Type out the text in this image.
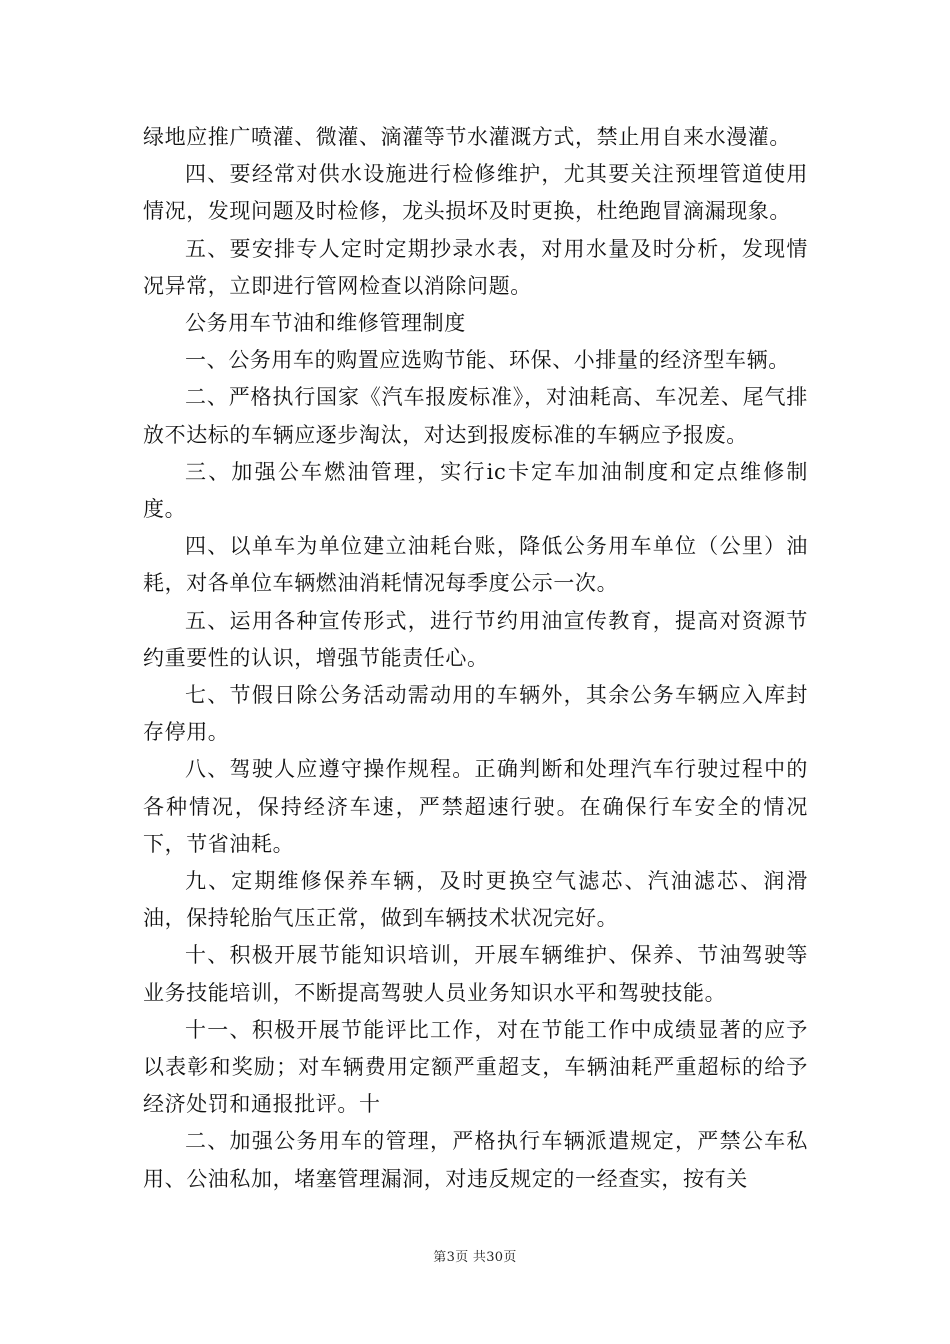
绿地应推广喷灌、微灌、滴灌等节水灌溉方式，禁止用自来水漫灌。

四、要经常对供水设施进行检修维护，尤其要关注预埋管道使用情况，发现问题及时检修，龙头损坏及时更换，杜绝跑冒滴漏现象。

五、要安排专人定时定期抄录水表，对用水量及时分析，发现情况异常，立即进行管网检查以消除问题。

公务用车节油和维修管理制度

一、公务用车的购置应选购节能、环保、小排量的经济型车辆。

二、严格执行国家《汽车报废标准》，对油耗高、车况差、尾气排放不达标的车辆应逐步淘汰，对达到报废标准的车辆应予报废。

三、加强公车燃油管理，实行ic卡定车加油制度和定点维修制度。

四、以单车为单位建立油耗台账，降低公务用车单位（公里）油耗，对各单位车辆燃油消耗情况每季度公示一次。

五、运用各种宣传形式，进行节约用油宣传教育，提高对资源节约重要性的认识，增强节能责任心。

七、节假日除公务活动需动用的车辆外，其余公务车辆应入库封存停用。

八、驾驶人应遵守操作规程。正确判断和处理汽车行驶过程中的各种情况，保持经济车速，严禁超速行驶。在确保行车安全的情况下，节省油耗。

九、定期维修保养车辆，及时更换空气滤芯、汽油滤芯、润滑油，保持轮胎气压正常，做到车辆技术状况完好。

十、积极开展节能知识培训，开展车辆维护、保养、节油驾驶等业务技能培训，不断提高驾驶人员业务知识水平和驾驶技能。

十一、积极开展节能评比工作，对在节能工作中成绩显著的应予以表彰和奖励；对车辆费用定额严重超支，车辆油耗严重超标的给予经济处罚和通报批评。十

二、加强公务用车的管理，严格执行车辆派遣规定，严禁公车私用、公油私加，堵塞管理漏洞，对违反规定的一经查实，按有关

第3页 共30页
